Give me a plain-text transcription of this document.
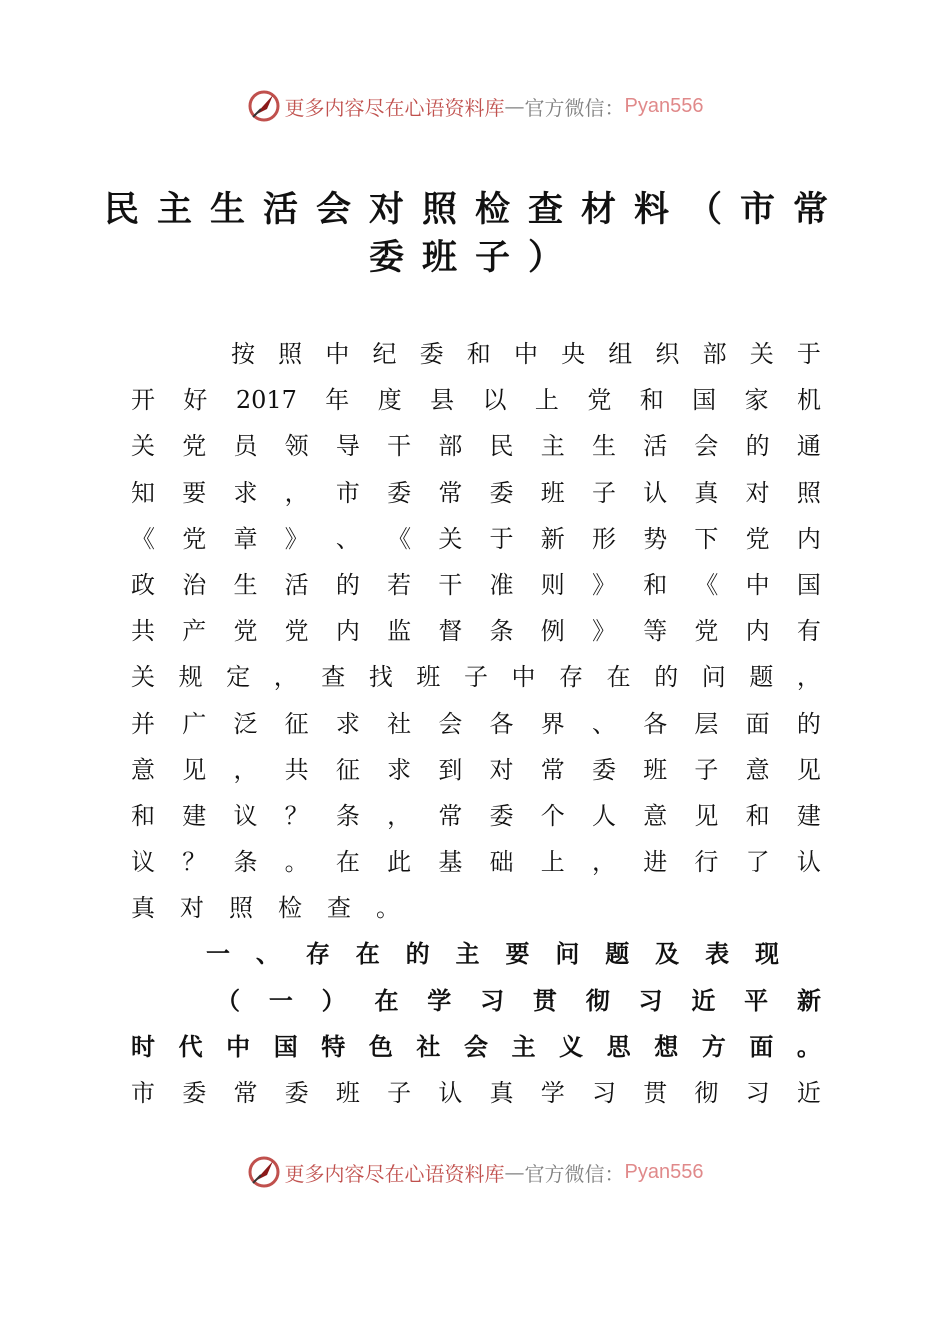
更多内容尽在心语资料库 — 官方微信： Pyan556
民主生活会对照检查材料（市常
委班子）
按 照 中 纪 委 和 中 央 组 织 部 关 于
开 好 2017 年 度 县 以 上 党 和 国 家 机
关 党 员 领 导 干 部 民 主 生 活 会 的 通
知 要 求 ， 市 委 常 委 班 子 认 真 对 照
《 党 章 》 、 《 关 于 新 形 势 下 党 内
政 治 生 活 的 若 干 准 则 》 和 《 中 国
共 产 党 党 内 监 督 条 例 》 等 党 内 有
关 规 定 ， 查 找 班 子 中 存 在 的 问 题 ，
并 广 泛 征 求 社 会 各 界 、 各 层 面 的
意 见 ， 共 征 求 到 对 常 委 班 子 意 见
和 建 议 ？ 条 ， 常 委 个 人 意 见 和 建
议 ？ 条 。 在 此 基 础 上 ， 进 行 了 认
真 对 照 检 查 。
一 、 存 在 的 主 要 问 题 及 表 现
（ 一 ） 在 学 习 贯 彻 习 近 平 新
时 代 中 国 特 色 社 会 主 义 思 想 方 面 。
市 委 常 委 班 子 认 真 学 习 贯 彻 习 近
更多内容尽在心语资料库 — 官方微信： Pyan556
